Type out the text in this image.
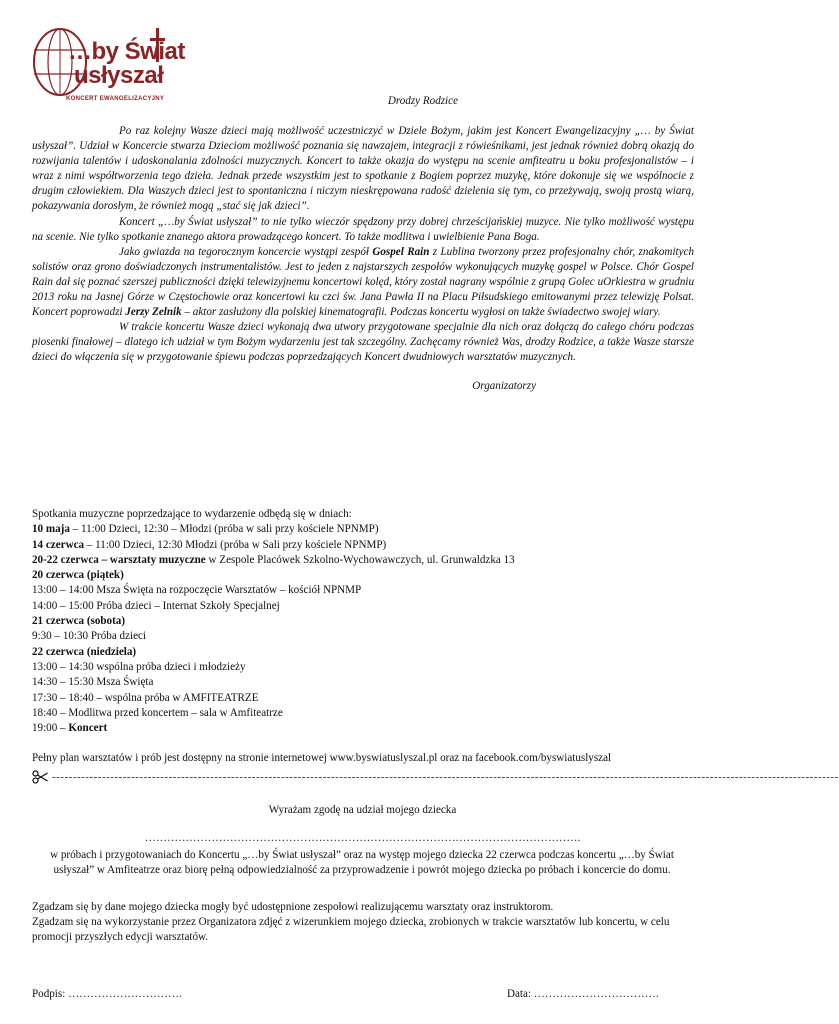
…by Świat
usłyszał
KONCERT EWANGELIZACYJNY	Drodzy Rodzice

Po raz kolejny Wasze dzieci mają możliwość uczestniczyć w Dziele Bożym, jakim jest Koncert Ewangelizacyjny „… by Świat usłyszał”. Udział w Koncercie stwarza Dzieciom możliwość poznania się nawzajem, integracji z rówieśnikami, jest jednak również dobrą okazją do rozwijania talentów i udoskonalania zdolności muzycznych. Koncert to także okazja do występu na scenie amfiteatru u boku profesjonalistów – i wraz z nimi współtworzenia tego dzieła. Jednak przede wszystkim jest to spotkanie z Bogiem poprzez muzykę, które dokonuje się we wspólnocie z drugim człowiekiem. Dla Waszych dzieci jest to spontaniczna i niczym nieskrępowana radość dzielenia się tym, co przeżywają, swoją prostą wiarą, pokazywania dorosłym, że również mogą „stać się jak dzieci”.

Koncert „…by Świat usłyszał” to nie tylko wieczór spędzony przy dobrej chrześcijańskiej muzyce. Nie tylko możliwość występu na scenie. Nie tylko spotkanie znanego aktora prowadzącego koncert. To także modlitwa i uwielbienie Pana Boga.

Jako gwiazda na tegorocznym koncercie wystąpi zespół Gospel Rain z Lublina tworzony przez profesjonalny chór, znakomitych solistów oraz grono doświadczonych instrumentalistów. Jest to jeden z najstarszych zespołów wykonujących muzykę gospel w Polsce. Chór Gospel Rain dał się poznać szerszej publiczności dzięki telewizyjnemu koncertowi kolęd, który został nagrany wspólnie z grupą Golec uOrkiestra w grudniu 2013 roku na Jasnej Górze w Częstochowie oraz koncertowi ku czci św. Jana Pawła II na Placu Piłsudskiego emitowanymi przez telewizję Polsat. Koncert poprowadzi Jerzy Zelnik – aktor zasłużony dla polskiej kinematografii. Podczas koncertu wygłosi on także świadectwo swojej wiary.

W trakcie koncertu Wasze dzieci wykonają dwa utwory przygotowane specjalnie dla nich oraz dołączą do całego chóru podczas piosenki finałowej – dlatego ich udział w tym Bożym wydarzeniu jest tak szczególny. Zachęcamy również Was, drodzy Rodzice, a także Wasze starsze dzieci do włączenia się w przygotowanie śpiewu podczas poprzedzających Koncert dwudniowych warsztatów muzycznych.

Organizatorzy

Spotkania muzyczne poprzedzające to wydarzenie odbędą się w dniach:

10 maja – 11:00 Dzieci, 12:30 – Młodzi (próba w sali przy kościele NPNMP)

14 czerwca – 11:00 Dzieci, 12:30 Młodzi (próba w Sali przy kościele NPNMP)

20-22 czerwca – warsztaty muzyczne w Zespole Placówek Szkolno-Wychowawczych, ul. Grunwaldzka 13

20 czerwca (piątek)

13:00 – 14:00 Msza Święta na rozpoczęcie Warsztatów – kościół NPNMP

14:00 – 15:00 Próba dzieci – Internat Szkoły Specjalnej

21 czerwca (sobota)

9:30 – 10:30 Próba dzieci

22 czerwca (niedziela)

13:00 – 14:30 wspólna próba dzieci i młodzieży

14:30 – 15:30 Msza Święta

17:30 – 18:40 – wspólna próba w AMFITEATRZE

18:40 – Modlitwa przed koncertem – sala w Amfiteatrze

19:00 – Koncert

Pełny plan warsztatów i prób jest dostępny na stronie internetowej www.byswiatuslyszal.pl oraz na facebook.com/byswiatuslyszal

---------------------------------------------------------------------------------------------------------------------------------------------------------------------------------------------
Wyrażam zgodę na udział mojego dziecka
……………………………………………………………………………………………………….
w próbach i przygotowaniach do Koncertu „…by Świat usłyszał” oraz na występ mojego dziecka 22 czerwca podczas koncertu „…by Świat usłyszał” w Amfiteatrze oraz biorę pełną odpowiedzialność za przyprowadzenie i powrót mojego dziecka po próbach i koncercie do domu.

Zgadzam się by dane mojego dziecka mogły być udostępnione zespołowi realizującemu warsztaty oraz instruktorom.

Zgadzam się na wykorzystanie przez Organizatora zdjęć z wizerunkiem mojego dziecka, zrobionych w trakcie warsztatów lub koncertu, w celu promocji przyszłych edycji warsztatów.

Podpis: ………………………….	Data: …………………………….
